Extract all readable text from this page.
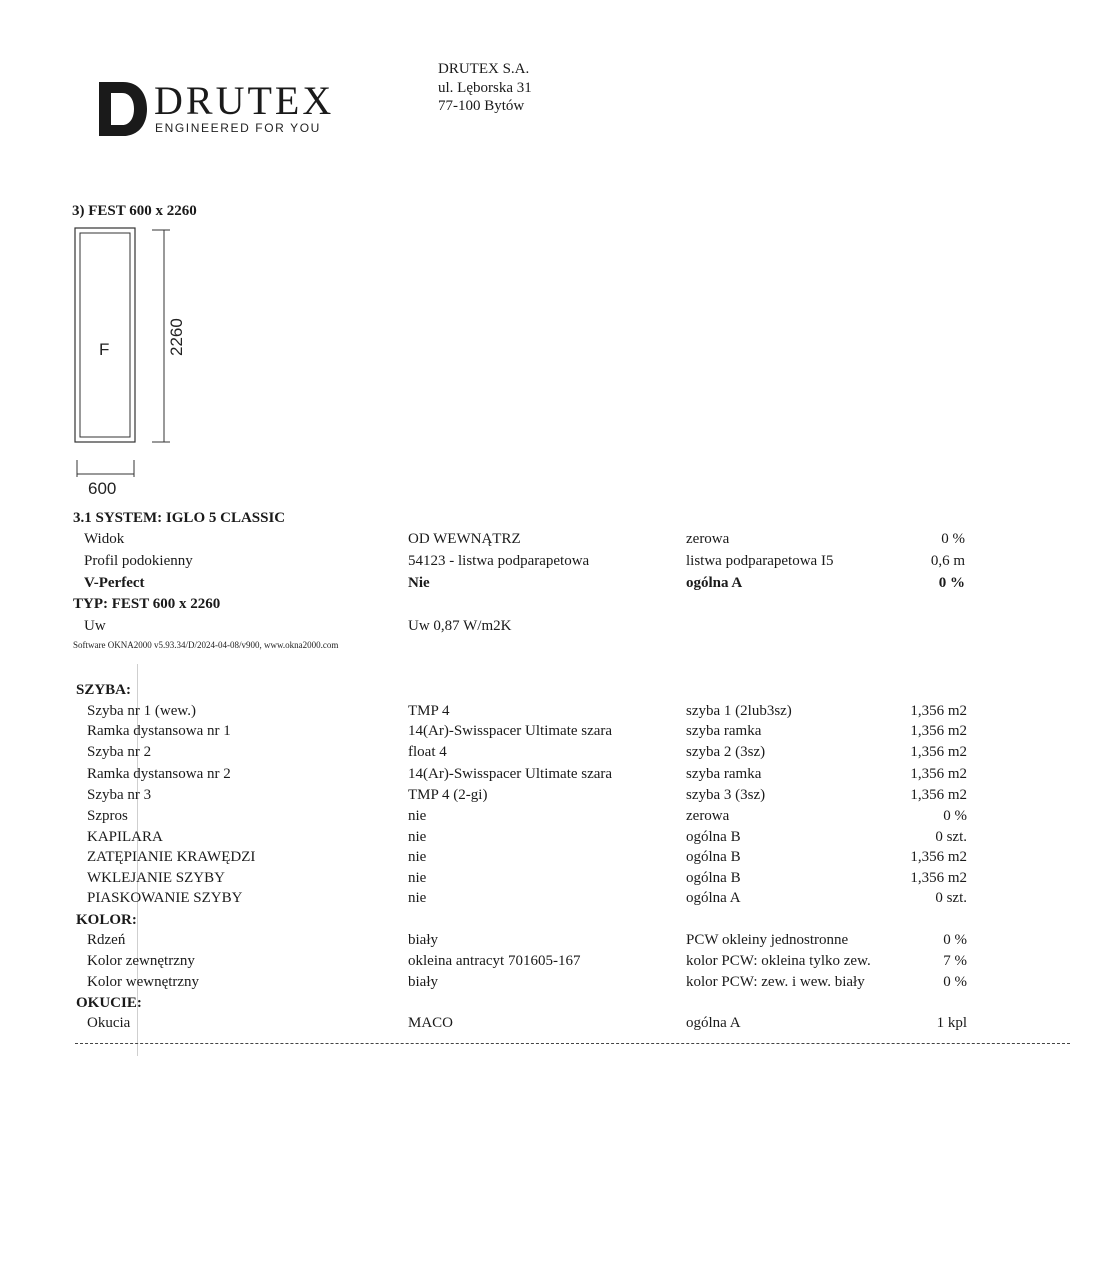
DRUTEX
ENGINEERED FOR YOU
DRUTEX S.A.
ul. Lęborska 31
77-100 Bytów
3) FEST 600 x 2260
F	2260
600
3.1 SYSTEM: IGLO 5 CLASSIC
Widok	OD WEWNĄTRZ	zerowa	0 %
Profil podokienny	54123 - listwa podparapetowa	listwa podparapetowa I5	0,6 m
V-Perfect	Nie	ogólna A	0 %
TYP: FEST 600 x 2260
Uw	Uw 0,87 W/m2K
Software OKNA2000 v5.93.34/D/2024-04-08/v900, www.okna2000.com
SZYBA:
Szyba nr 1 (wew.)	TMP 4	szyba 1 (2lub3sz)	1,356 m2
Ramka dystansowa nr 1	14(Ar)-Swisspacer Ultimate szara	szyba ramka	1,356 m2
Szyba nr 2	float 4	szyba 2 (3sz)	1,356 m2
Ramka dystansowa nr 2	14(Ar)-Swisspacer Ultimate szara	szyba ramka	1,356 m2
Szyba nr 3	TMP 4 (2-gi)	szyba 3 (3sz)	1,356 m2
Szpros	nie	zerowa	0 %
KAPILARA	nie	ogólna B	0 szt.
ZATĘPIANIE KRAWĘDZI	nie	ogólna B	1,356 m2
WKLEJANIE SZYBY	nie	ogólna B	1,356 m2
PIASKOWANIE SZYBY	nie	ogólna A	0 szt.
KOLOR:
Rdzeń	biały	PCW okleiny jednostronne	0 %
Kolor zewnętrzny	okleina antracyt 701605-167	kolor PCW: okleina tylko zew.	7 %
Kolor wewnętrzny	biały	kolor PCW: zew. i wew. biały	0 %
OKUCIE:
Okucia	MACO	ogólna A	1 kpl
